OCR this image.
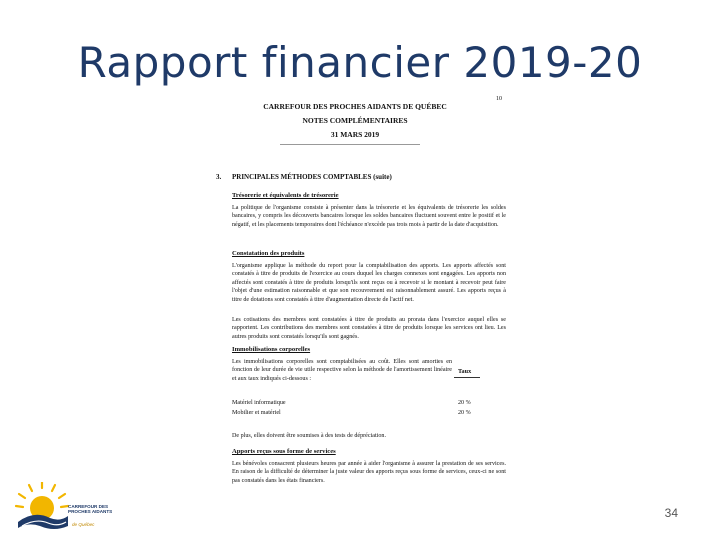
Rapport financier 2019-20
10
CARREFOUR DES PROCHES AIDANTS DE QUÉBEC
NOTES COMPLÉMENTAIRES
31 MARS 2019
3. PRINCIPALES MÉTHODES COMPTABLES (suite)
Trésorerie et équivalents de trésorerie
La politique de l'organisme consiste à présenter dans la trésorerie et les équivalents de trésorerie les soldes bancaires, y compris les découverts bancaires lorsque les soldes bancaires fluctuent souvent entre le positif et le négatif, et les placements temporaires dont l'échéance n'excède pas trois mois à partir de la date d'acquisition.
Constatation des produits
L'organisme applique la méthode du report pour la comptabilisation des apports. Les apports affectés sont constatés à titre de produits de l'exercice au cours duquel les charges connexes sont engagées. Les apports non affectés sont constatés à titre de produits lorsqu'ils sont reçus ou à recevoir si le montant à recevoir peut faire l'objet d'une estimation raisonnable et que son recouvrement est raisonnablement assuré. Les apports reçus à titre de dotations sont constatés à titre d'augmentation directe de l'actif net.
Les cotisations des membres sont constatées à titre de produits au prorata dans l'exercice auquel elles se rapportent. Les contributions des membres sont constatées à titre de produits lorsque les services ont lieu. Les autres produits sont constatés lorsqu'ils sont gagnés.
Immobilisations corporelles
Les immobilisations corporelles sont comptabilisées au coût. Elles sont amorties en fonction de leur durée de vie utile respective selon la méthode de l'amortissement linéaire et aux taux indiqués ci-dessous :
Taux
Matériel informatique	20 %
Mobilier et matériel	20 %
De plus, elles doivent être soumises à des tests de dépréciation.
Apports reçus sous forme de services
Les bénévoles consacrent plusieurs heures par année à aider l'organisme à assurer la prestation de ses services. En raison de la difficulté de déterminer la juste valeur des apports reçus sous forme de services, ceux-ci ne sont pas constatés dans les états financiers.
CARREFOUR DES PROCHES AIDANTS
de Québec
34
